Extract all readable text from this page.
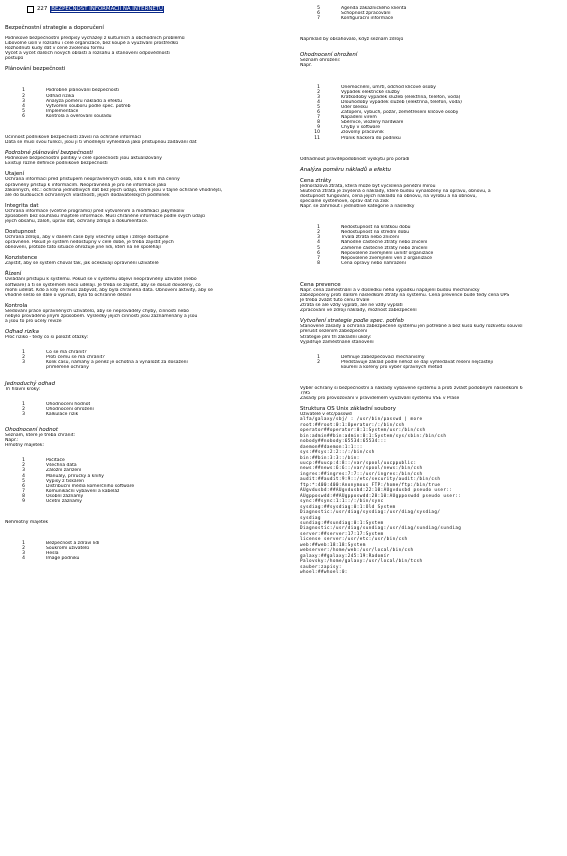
227 BEZPEČNOSŤ INFORMÁCIÍ NA INTERNETU

Bezpečnostní strategie a doporučení

Podnikové bezpečnostní předpisy vycházejí z kulturních a obchodních problémů

Libovolné úsilí v rozsahu i celé organizace, bez koupě a využívání prostředků

Rozhodnutí kudy dát v ceně zvolenou formu

Výčet a výčet dalších nových oblastí a rozsahu a stanovení odpovědnosti

postupů

Plánování bezpečnosti

1	Podrobné plánování bezpečnosti
2	Odhad rizika
3	Analýza poměru nákladů a efektu
4	Vytvoření souboru podle spec. potřeb
5	Implementace
6	Kontrola a ověřování souladu

Účinnost podnikové bezpečnosti závisí na ochraně informací

Data se musí svou funkcí, jsou ji ti vhodnější vyhledává jako přístupnou zadávání dat

Podrobné plánování bezpečnosti

Podnikové bezpečnostní politiky v celé společnosti jsou aktualizovány

Existují různé definice podnikové bezpečnosti

Utajení

Ochrana informací před přístupem neoprávněných osob, kdo k nim má cenný

oprávněný přístup k informacím. Neoprávněná je pro ně informace jako

zákonných, etc.: ochrana jednotlivých dat bez jejich údajů, které jsou v tajné ochraně vhodnější,

ale do budoucích ochranných vlastností, jejich dodavatelských podmínek

Integrita dat

Ochrana informace (včetně programů) před vytvořením a modifikací jakýmkoliv

způsobem bez souhlasu majitele informace. Musí chráněné informace podle svých údajů

jejich obsahu, záloh, úprav dat, ochrany zdrojů a dokumentace.

Dostupnost

Ochrana zdrojů, aby v daném čase byly všechny údaje i zdroje dostupné

oprávněné. Pokud je systém nedostupný v celé době, je třeba zajistit jejich

obnovení, protože tato situace ohrožuje jiné lidi, kteří na ně spoléhají

Konzistence

Zajistit, aby se systém choval tak, jak očekávají oprávnění uživatelé

Řízení

Ovládání přístupu k systému. Pokud se v systému objeví neoprávněný uživatel (nebo

software) a ti se systémem něco udělají. Je třeba se zajistit, aby se dosud dovoleny, co

mohli udělat. Kdo a kdy se musí zabývat, aby byla chráněna data. Obnovení aktivity, aby se

vhodně sešlo se dále o vypnutí, byla to ochranné dělání

Kontrola

Sledování práce oprávněných uživatelů, aby se neprováděly chyby, činnosti nebo

nebylo prováděno jiným způsobem. Výsledky jejich činnosti jsou zaznamenány a jsou

a jsou to pro účely revize

Odhad rizika

Proč riziko - tedy co si položit otázky:

1	Co se má chránit?
2	Proti čemu se má chránit?
3	Kolik času, námahy a peněz je ochotna a vynaložit za dosažení
přiměřené ochrany

Jednoduchý odhad

Tři hlavní kroky:

1	Ohodnocení hodnot
2	Ohodnocení ohrožení
3	Kalkulace rizik

Ohodnocení hodnot

Seznam, které je třeba chránit:

Např.:

Hmotný majetek:

1	Počítače
2	Všechna data
3	Záložní zařízení
4	Manuály, příručky a knihy
5	Výpisy z tiskáren
6	Distribuční média komerčního software
7	Komunikační vybavení a kabeláž
8	Osobní záznamy
9	Účetní záznamy

Nehmotný majetek

1	Bezpečnost a zdraví lidí
2	Soukromí uživatelů
3	Hesla
4	Image podniku
5	Agenda zákaznického klienta
6	Schopnost zpracování
7	Konfigurační informace

Například by obsahovalo, když seznam zdrojů

Ohodnocení ohrožení

Seznam ohrožení:

Např.

1	Onemocnění, úmrtí, odchod klíčové osoby
2	Výpadek elektrické služby
3	Krátkodobý výpadek služeb (elektřina, telefon, voda)
4	Dlouhodobý výpadek služeb (elektřina, telefon, voda)
5	Úder blesku
6	Zatopení, výbuch, požár, zemětřesení klíčové osoby
7	Napadení virem
8	Sběrnice, vložený hardware
9	Chyby v software
10	Zlovolný pracovník
11	Průnik hackera do podniku

Odhadnout pravděpodobnost výskytu pro pořadí

Analýza poměru nákladů a efektu

Cena ztráty

Jednorázová ztráta, která může být vyčíslena peněžní mírou

Skutečná ztráta je zvýšená o náklady, které budou vynaloženy na opravu, obnovu, a

dostupnost fungování, cena jejích nákladů na obnovu, na výrobu a na obnovu,

speciálně systémové, oprav dat na zisk

Např. se zahrnout i jednotlivé kategorie a následky

1	Nedostupnost na krátkou dobu
2	Nedostupnost na střední dobu
3	Trvalá ztráta nebo zničení
4	Náhodné částečné ztráty nebo zničení
5	Záměrné částečné ztráty nebo zničení
6	Nepovolené zveřejnění uvnitř organizace
7	Nepovolené zveřejnění ven z organizace
8	Cena opravy nebo nahrazení

Cena prevence

Např. cena zaměstnání a v důsledku něho výpadku napájení budou mechanicky

zabezpečeny proti dalším následkům ztráty na systému. Cena prevence bude tedy cena UPS

Je třeba zvážit tuto cenu trvale

Ztráta se ale vždy vyplatí, ale ne vždy vyplatí

Zpracování ve zdroji náklady, možnost zabezpečení

Vytvoření strategie podle spec. potřeb

Stanovené zásady a ochrana zabezpečené systému jen potřebné a bez kusů kudy rozkvětu souvisí

přerušit sezením zabezpečení

Strategie plní tři základní úkoly:

Vyjadřuje zaměstnané stanovení

1	Definuje zabezpečovací mechanismy
2	Představuje základ podle něhož se dají vyhledávat řešení nejčastěji
kouření a kořeny pro výběr správných metod

Výběr ochrany si bezpečnostní a náklady vybavené systému a proti zvlášť podobným následkům 6

7/95

Zásady pro provozování v pravidelném využívání systému VSE v Prase

Struktura OS Unix základní soubory

Uživatelé v etc/passwd

alfa/galaxy/sbj/ : /usr/bin/passwd | more
root:##root:0:1:Operator:/:/bin/csh
operator##operator:0:1:System/usr:/bin/csh
bin:admin##bin:admin:0:1:System/sys/sbin:/bin/csh
nobody##nobody:65534:65534:::
daemon##daemon:1:1:::
sys:##sys:2:2::/:/bin/csh
bin:##bin:3:3::/bin:
uucp:##uucp:4:8::/var/spool/uucppublic:
news:##news:6:6::/var/spool/news:/bin/csh
ingres:##ingres:7:7::/usr/ingres:/bin/csh
audit:##audit:9:9::/etc/security/audit:/bin/csh
ftp:*:400:400:Anonymous FTP:/home/ftp:/bin/true
AUgvdusbd:##AUgvdusbd:22:10:AUgvdusbd pseudo user::
AUgpposwdd:##AUgpposwdd:28:10:AUgpposwdd pseudo user::
sync:##sync:1:1::/:/bin/sync
sysdiag:##sysdiag:0:1:Old System
Diagnostic:/usr/diag/sysdiag:/usr/diag/sysdiag/
sysdiag
sundiag:##sundiag:0:1:System
Diagnostic:/usr/diag/sundiag:/usr/diag/sundiag/sundiag
server:##server:17:17:System
license server:/usr/etc:/usr/bin/csh
web:##web:18:18:System
webserver:/home/web:/usr/local/bin/csh
galaxy:##galaxy:245:19:Radomír
Palovsky:/home/galaxy:/usr/local/bin/tcsh
sauber:zapisy:
whoel:##whoel:0:
